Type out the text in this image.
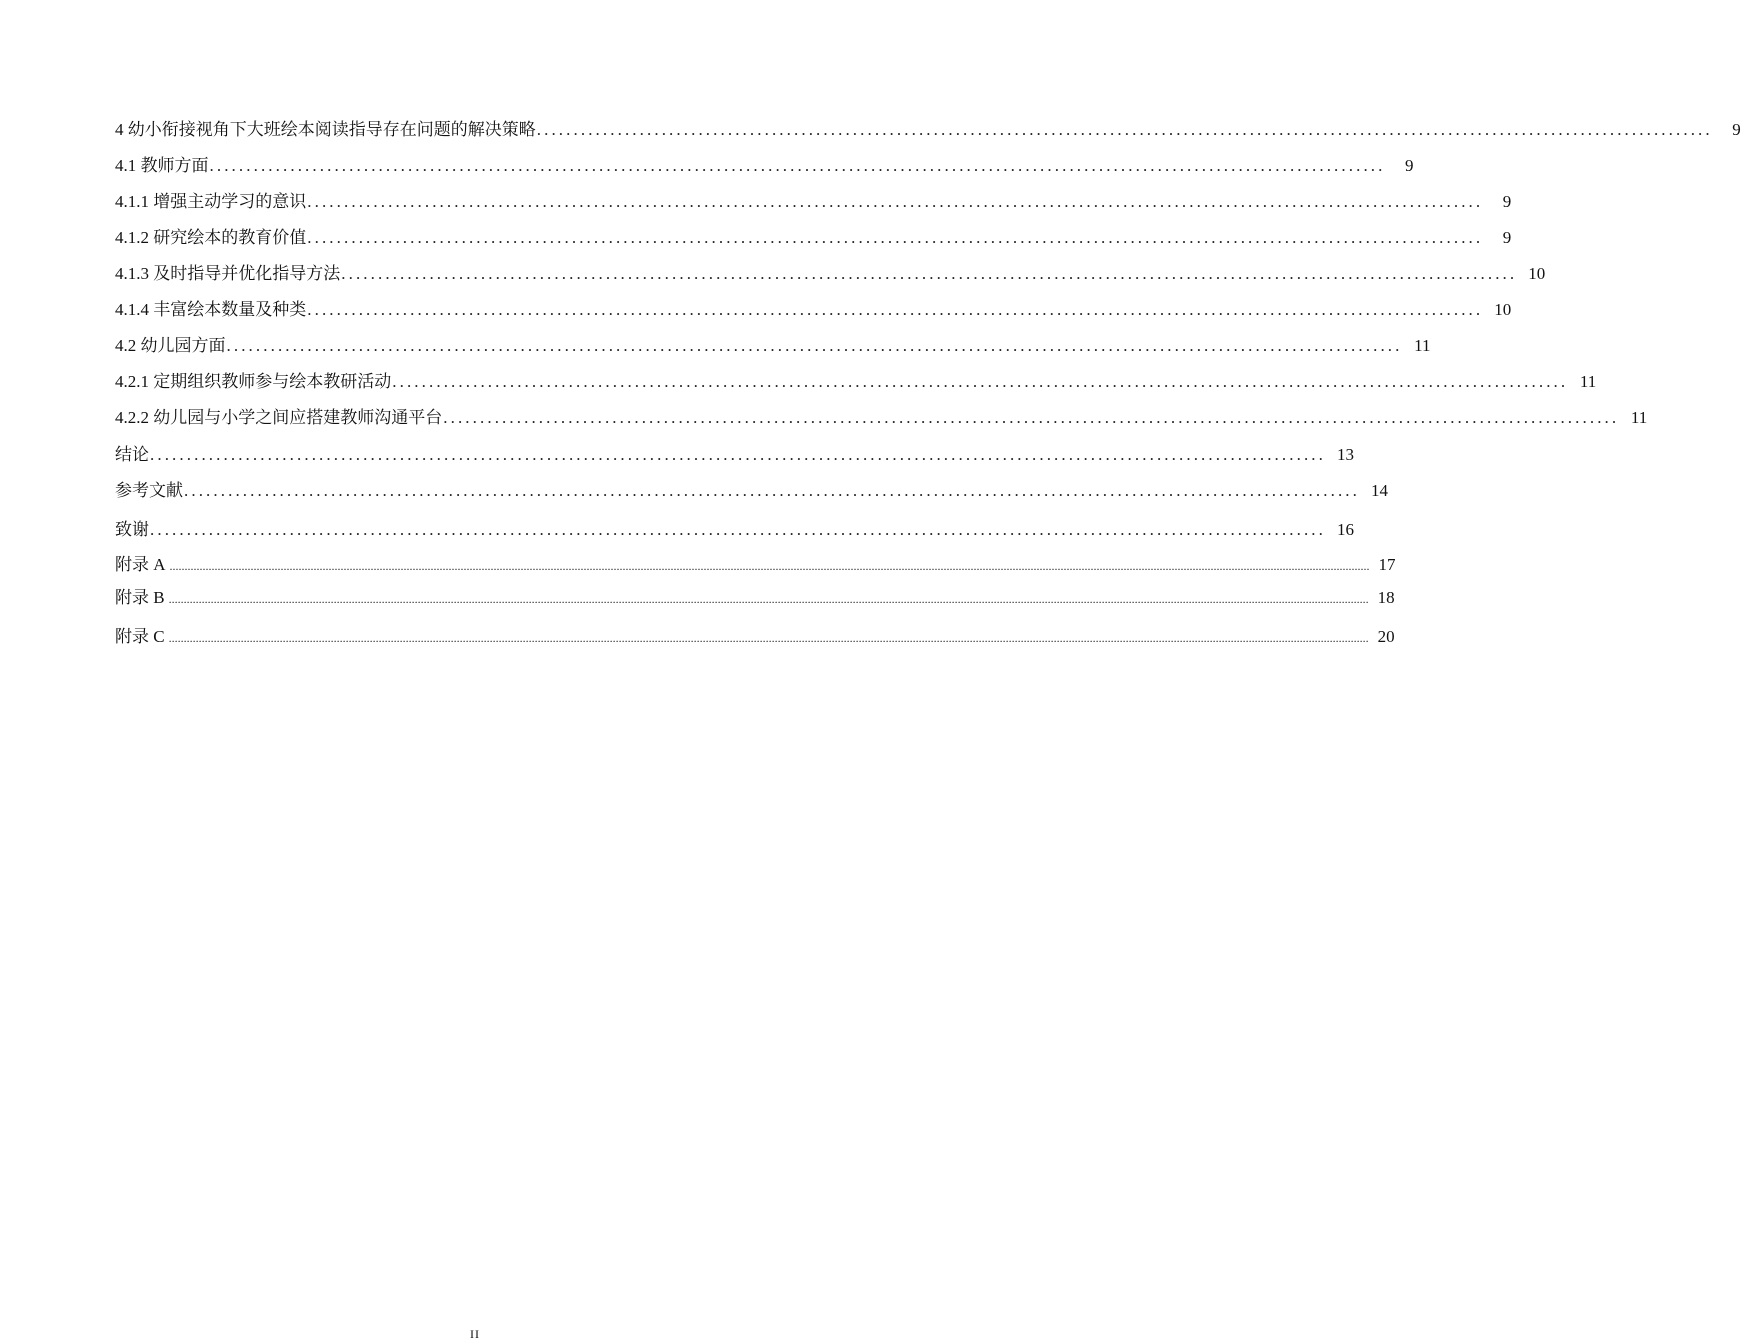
4 幼小衔接视角下大班绘本阅读指导存在问题的解决策略 ................................................................................................................................................................	9
4.1 教师方面 ................................................................................................................................................................	9
4.1.1 增强主动学习的意识 ................................................................................................................................................................	9
4.1.2 研究绘本的教育价值 ................................................................................................................................................................	9
4.1.3 及时指导并优化指导方法 ................................................................................................................................................................ 10
4.1.4 丰富绘本数量及种类 ................................................................................................................................................................ 10
4.2 幼儿园方面 ................................................................................................................................................................ 11
4.2.1 定期组织教师参与绘本教研活动 ................................................................................................................................................................ 11
4.2.2 幼儿园与小学之间应搭建教师沟通平台 ................................................................................................................................................................ 11
结论 ................................................................................................................................................................ 13
参考文献 ................................................................................................................................................................ 14
致谢 ................................................................................................................................................................ 16
附录 A ................................................................................................................................................................................................................................................................................................................................................................................................................ 17
附录 B ................................................................................................................................................................................................................................................................................................................................................................................................................ 18
附录 C ................................................................................................................................................................................................................................................................................................................................................................................................................ 20
II
